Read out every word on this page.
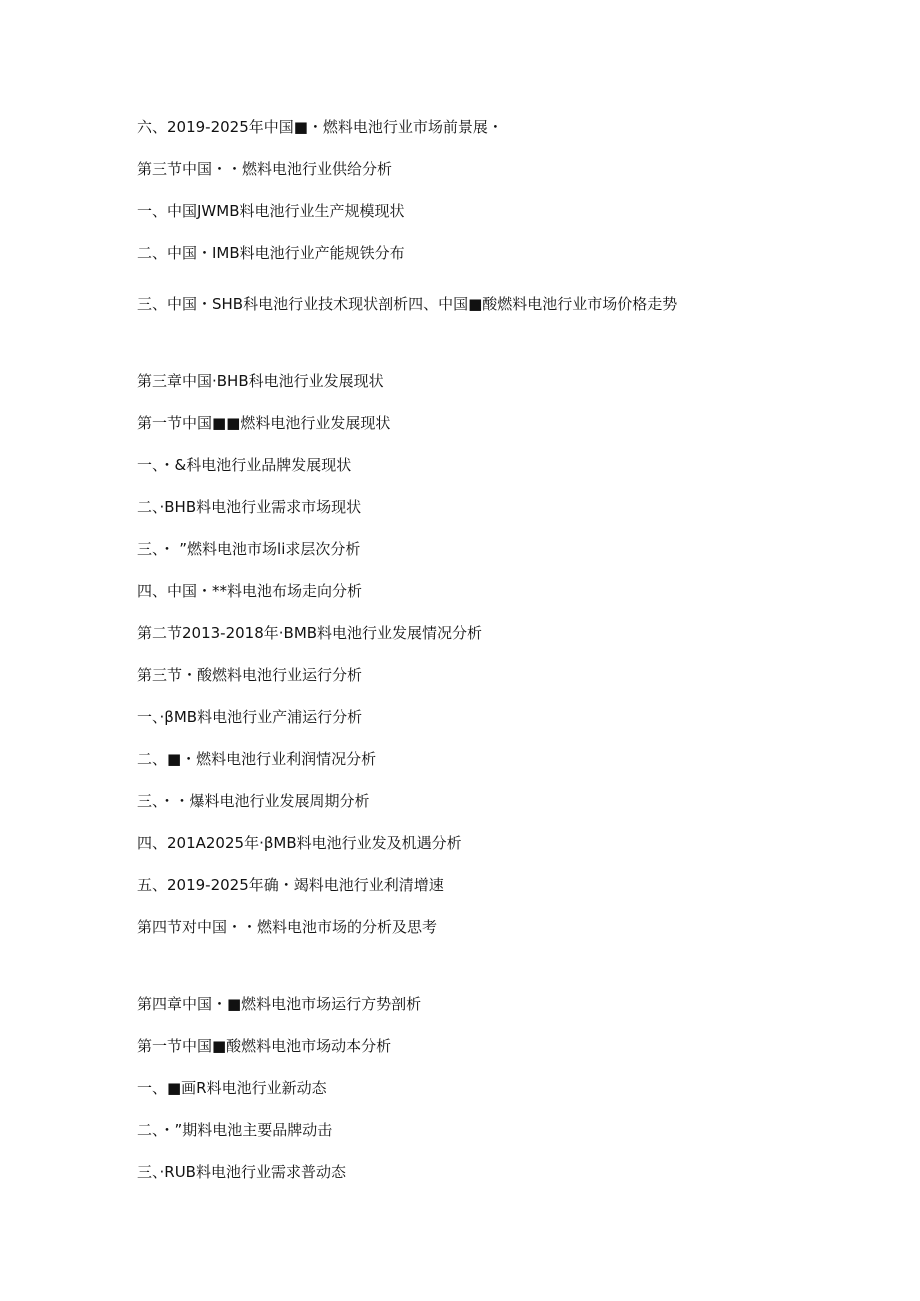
六、2019-2025年中国■・燃料电池行业市场前景展・
第三节中国・・燃料电池行业供给分析
一、中国JWMB料电池行业生产规模现状
二、中国・IMB料电池行业产能规铁分布
三、中国・SHB科电池行业技术现状剖析四、中国■酸燃料电池行业市场价格走势
第三章中国·BHB科电池行业发展现状
第一节中国■■燃料电池行业发展现状
一、・&科电池行业品牌发展现状
二、·BHB料电池行业需求市场现状
三、・ ”燃料电池市场li求层次分析
四、中国・**料电池布场走向分析
第二节2013-2018年·BMB料电池行业发展情况分析
第三节・酸燃料电池行业运行分析
一、·βMB料电池行业产浦运行分析
二、■・燃料电池行业利润情况分析
三、・・爆料电池行业发展周期分析
四、201A2025年·βMB料电池行业发及机遇分析
五、2019-2025年确・竭料电池行业利清增速
第四节对中国・・燃料电池市场的分析及思考
第四章中国・■燃料电池市场运行方势剖析
第一节中国■酸燃料电池市场动本分析
一、■画R料电池行业新动态
二、・”期料电池主要品牌动击
三、·RUB料电池行业需求普动态
